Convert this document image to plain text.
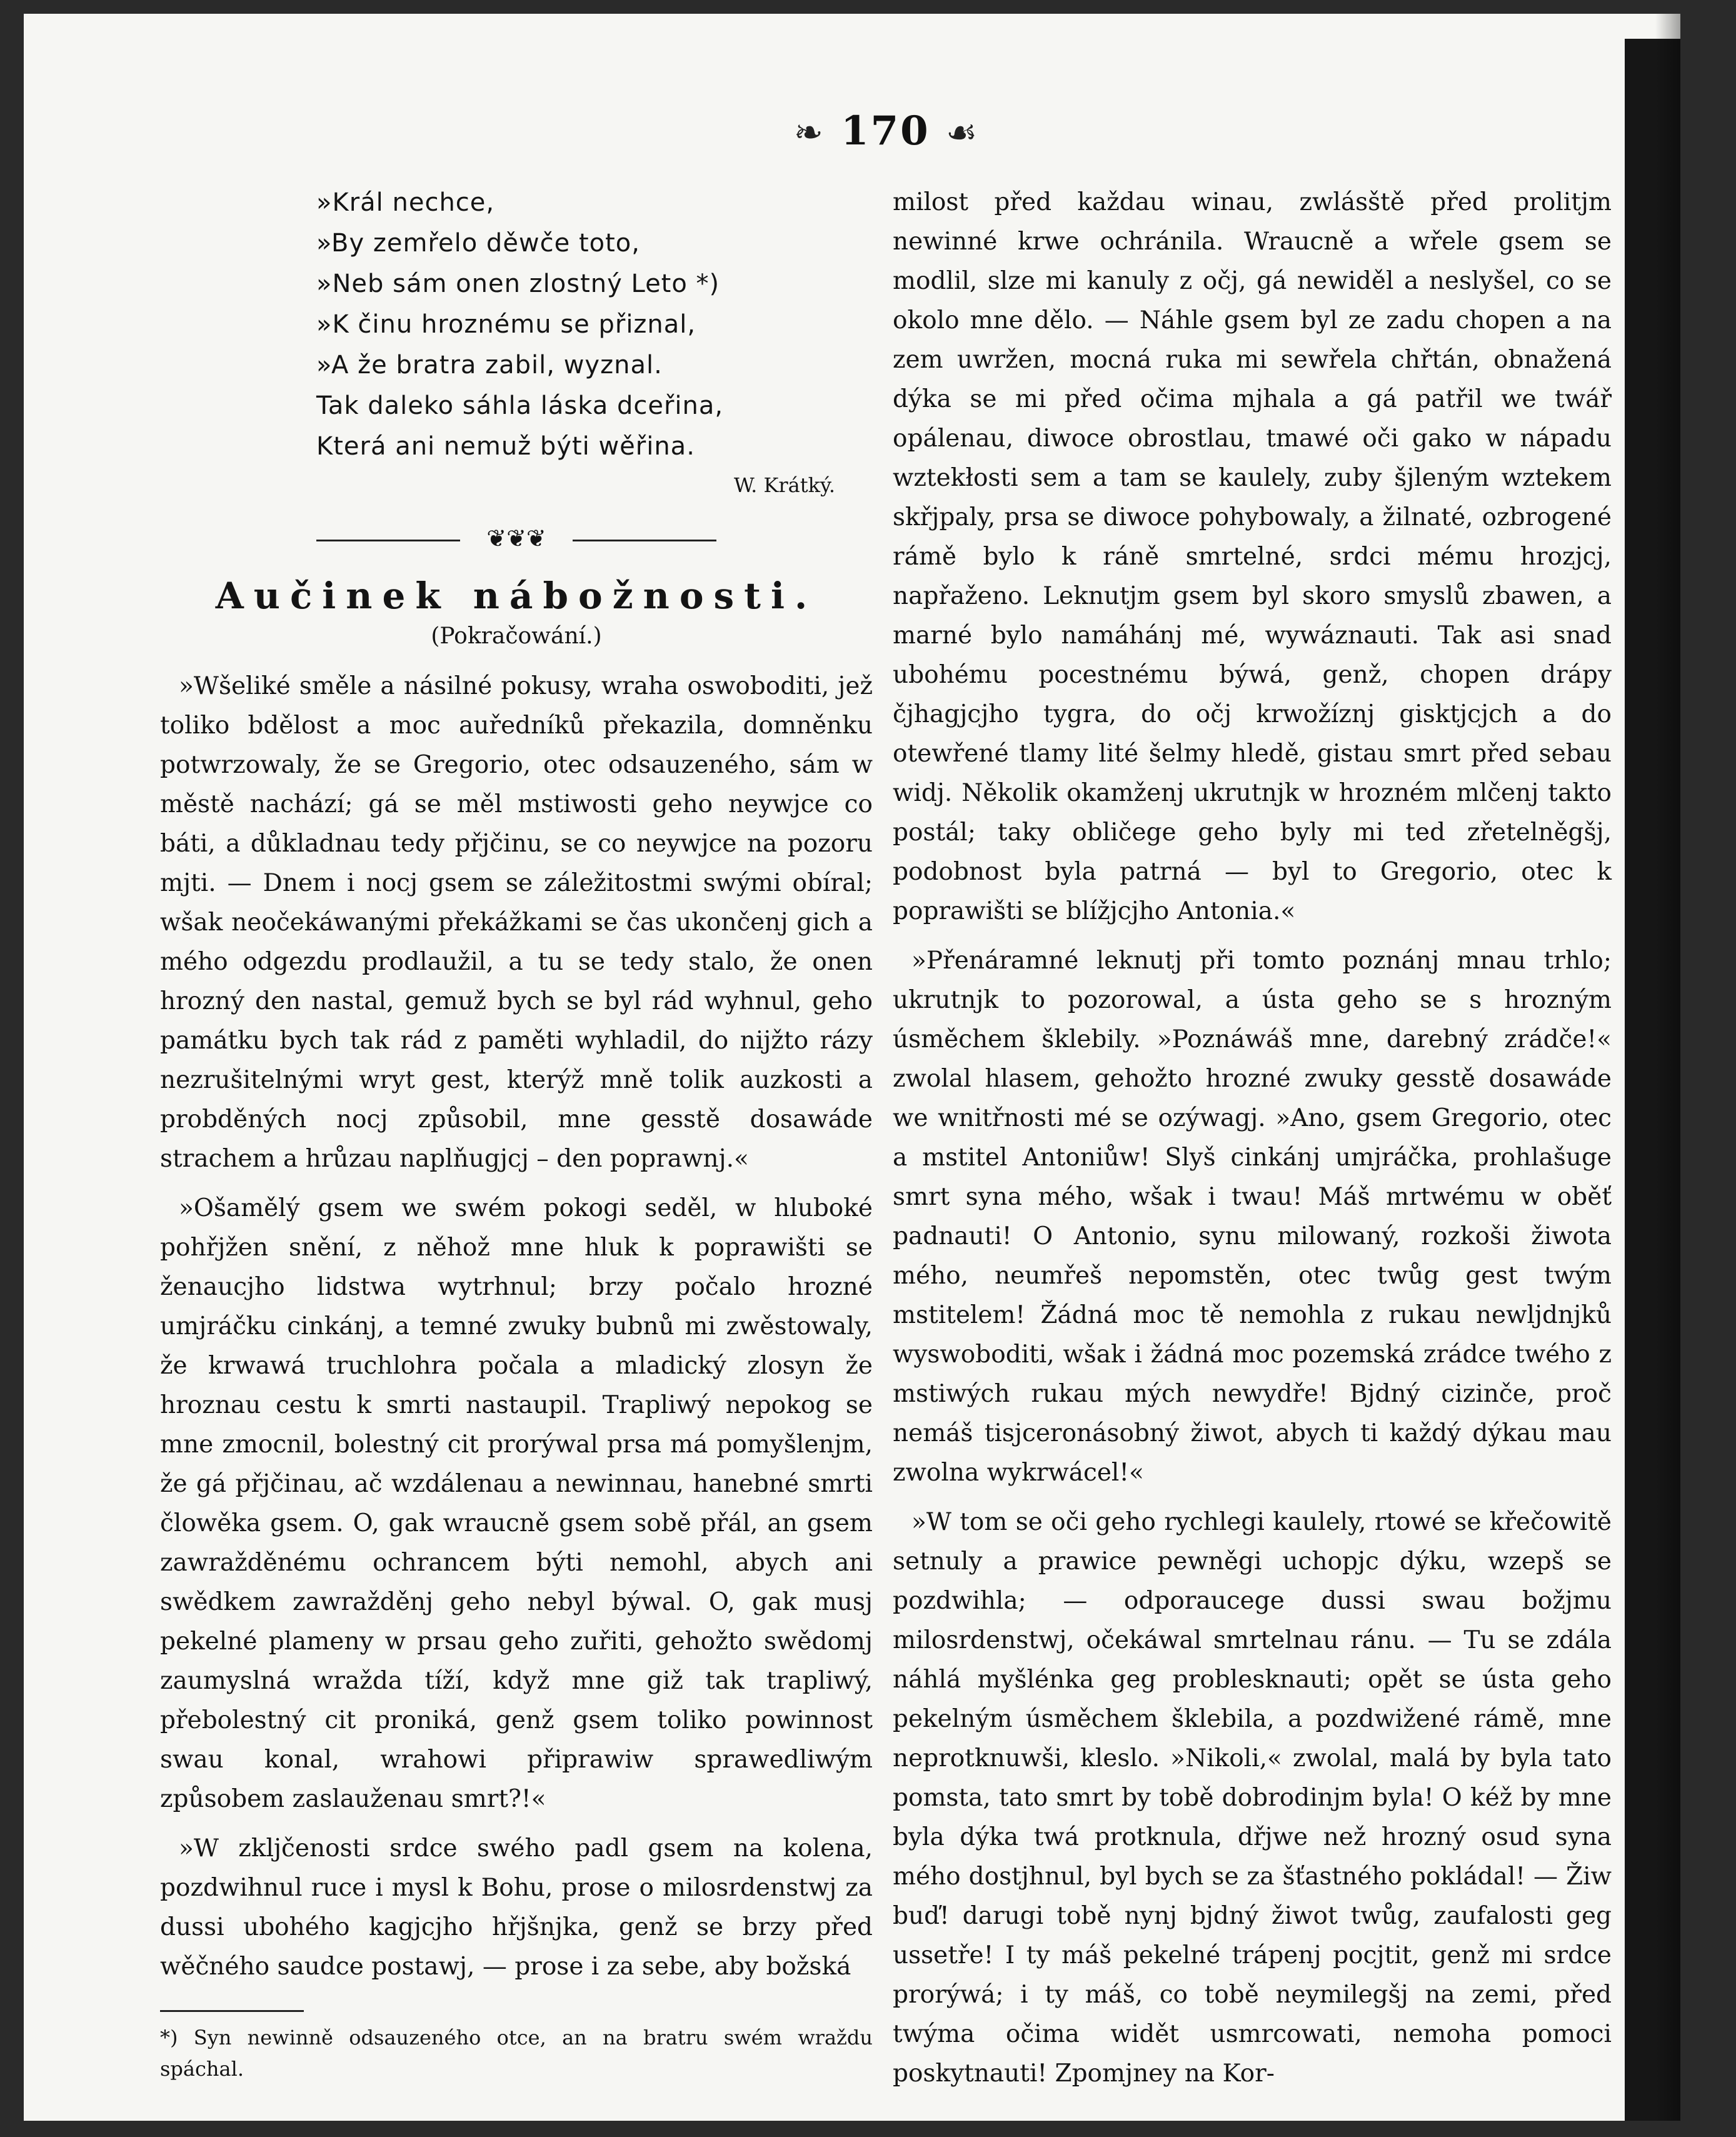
❧ 170 ☙
»Král nechce,
»By zemřelo děwče toto,
»Neb sám onen zlostný Leto *)
»K činu hroznému se přiznal,
»A že bratra zabil, wyznal.
Tak daleko sáhla láska dceřina,
Která ani nemuž býti wěřina.
W. Krátký.
❦❦❦
Aučinek nábožnosti.
(Pokračowání.)

»Wšeliké směle a násilné pokusy, wraha oswoboditi, jež toliko bdělost a moc auředníků překazila, domněnku potwrzowaly, že se Gregorio, otec odsauzeného, sám w městě nachází; gá se měl mstiwosti geho neywjce co báti, a důkladnau tedy přjčinu, se co neywjce na pozoru mjti. — Dnem i nocj gsem se záležitostmi swými obíral; wšak neočekáwanými překážkami se čas ukončenj gich a mého odgezdu prodlaužil, a tu se tedy stalo, že onen hrozný den nastal, gemuž bych se byl rád wyhnul, geho památku bych tak rád z paměti wyhladil, do nijžto rázy nezrušitelnými wryt gest, kterýž mně tolik auzkosti a probděných nocj způsobil, mne gesstě dosawáde strachem a hrůzau naplňugjcj – den poprawnj.«

»Ošamělý gsem we swém pokogi seděl, w hluboké pohřjžen snění, z něhož mne hluk k poprawišti se ženaucjho lidstwa wytrhnul; brzy počalo hrozné umjráčku cinkánj, a temné zwuky bubnů mi zwěstowaly, že krwawá truchlohra počala a mladický zlosyn že hroznau cestu k smrti nastaupil. Trapliwý nepokog se mne zmocnil, bolestný cit prorýwal prsa má pomyšlenjm, že gá přjčinau, ač wzdálenau a newinnau, hanebné smrti člowěka gsem. O, gak wraucně gsem sobě přál, an gsem zawražděnému ochrancem býti nemohl, abych ani swědkem zawražděnj geho nebyl býwal. O, gak musj pekelné plameny w prsau geho zuřiti, gehožto swědomj zaumyslná wražda tíží, když mne giž tak trapliwý, přebolestný cit proniká, genž gsem toliko powinnost swau konal, wrahowi připrawiw sprawedliwým způsobem zaslauženau smrt?!«

»W zkljčenosti srdce swého padl gsem na kolena, pozdwihnul ruce i mysl k Bohu, prose o milosrdenstwj za dussi ubohého kagjcjho hřjšnjka, genž se brzy před wěčného saudce postawj, — prose i za sebe, aby božská

*) Syn newinně odsauzeného otce, an na bratru swém wraždu spáchal.

milost před každau winau, zwlásště před prolitjm newinné krwe ochránila. Wraucně a wřele gsem se modlil, slze mi kanuly z očj, gá newiděl a neslyšel, co se okolo mne dělo. — Náhle gsem byl ze zadu chopen a na zem uwržen, mocná ruka mi sewřela chřtán, obnažená dýka se mi před očima mjhala a gá patřil we twář opálenau, diwoce obrostlau, tmawé oči gako w nápadu wztekłosti sem a tam se kaulely, zuby šjleným wztekem skřjpaly, prsa se diwoce pohybowaly, a žilnaté, ozbrogené rámě bylo k ráně smrtelné, srdci mému hrozjcj, napřaženo. Leknutjm gsem byl skoro smyslů zbawen, a marné bylo namáhánj mé, wywáznauti. Tak asi snad ubohému pocestnému býwá, genž, chopen drápy čjhagjcjho tygra, do očj krwožíznj gisktjcjch a do otewřené tlamy lité šelmy hledě, gistau smrt před sebau widj. Několik okamženj ukrutnjk w hrozném mlčenj takto postál; taky obličege geho byly mi ted zřetelněgšj, podobnost byla patrná — byl to Gregorio, otec k poprawišti se blížjcjho Antonia.«

»Přenáramné leknutj při tomto poznánj mnau trhlo; ukrutnjk to pozorowal, a ústa geho se s hrozným úsměchem šklebily. »Poznáwáš mne, darebný zrádče!« zwolal hlasem, gehožto hrozné zwuky gesstě dosawáde we wnitřnosti mé se ozýwagj. »Ano, gsem Gregorio, otec a mstitel Antoniůw! Slyš cinkánj umjráčka, prohlašuge smrt syna mého, wšak i twau! Máš mrtwému w oběť padnauti! O Antonio, synu milowaný, rozkoši žiwota mého, neumřeš nepomstěn, otec twůg gest twým mstitelem! Žádná moc tě nemohla z rukau newljdnjků wyswoboditi, wšak i žádná moc pozemská zrádce twého z mstiwých rukau mých newydře! Bjdný cizinče, proč nemáš tisjceronásobný žiwot, abych ti každý dýkau mau zwolna wykrwácel!«

»W tom se oči geho rychlegi kaulely, rtowé se křečowitě setnuly a prawice pewněgi uchopjc dýku, wzepš se pozdwihla; — odporaucege dussi swau božjmu milosrdenstwj, očekáwal smrtelnau ránu. — Tu se zdála náhlá myšlénka geg problesknauti; opět se ústa geho pekelným úsměchem šklebila, a pozdwižené rámě, mne neprotknuwši, kleslo. »Nikoli,« zwolal, malá by byla tato pomsta, tato smrt by tobě dobrodinjm byla! O kéž by mne byla dýka twá protknula, dřjwe než hrozný osud syna mého dostjhnul, byl bych se za šťastného pokládal! — Žiw buď! darugi tobě nynj bjdný žiwot twůg, zaufalosti geg ussetře! I ty máš pekelné trápenj pocjtit, genž mi srdce prorýwá; i ty máš, co tobě neymilegšj na zemi, před twýma očima widět usmrcowati, nemoha pomoci poskytnauti! Zpomjney na Kor-
